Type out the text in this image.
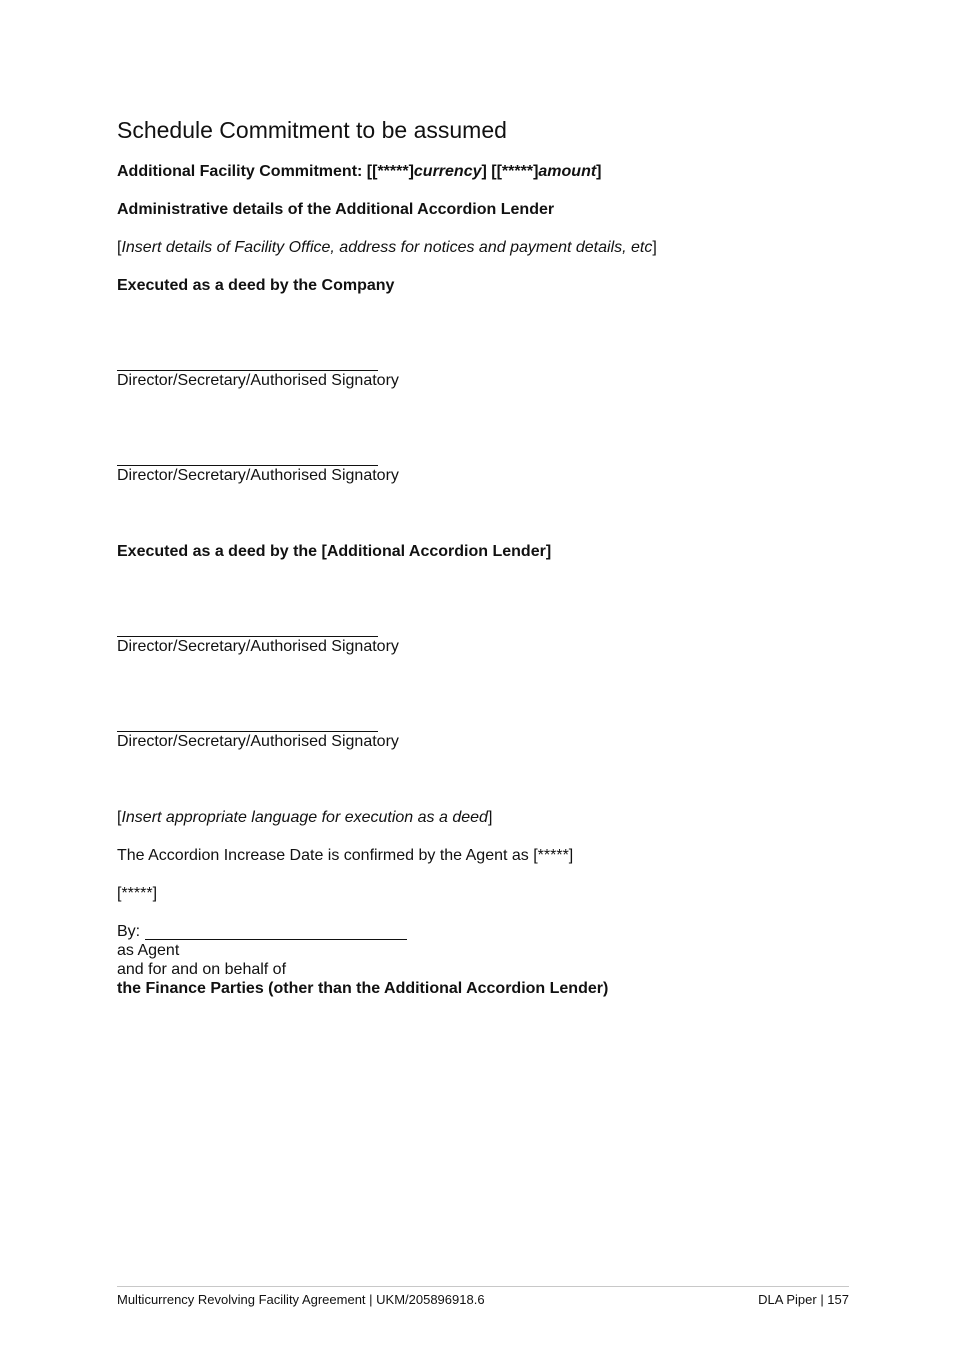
Schedule Commitment to be assumed
Additional Facility Commitment: [[*****]currency] [[*****]amount]
Administrative details of the Additional Accordion Lender
[Insert details of Facility Office, address for notices and payment details, etc]
Executed as a deed by the Company
Director/Secretary/Authorised Signatory
Director/Secretary/Authorised Signatory
Executed as a deed by the [Additional Accordion Lender]
Director/Secretary/Authorised Signatory
Director/Secretary/Authorised Signatory
[Insert appropriate language for execution as a deed]
The Accordion Increase Date is confirmed by the Agent as [*****]
[*****]
By:
as Agent
and for and on behalf of
the Finance Parties (other than the Additional Accordion Lender)
Multicurrency Revolving Facility Agreement | UKM/205896918.6	DLA Piper | 157
